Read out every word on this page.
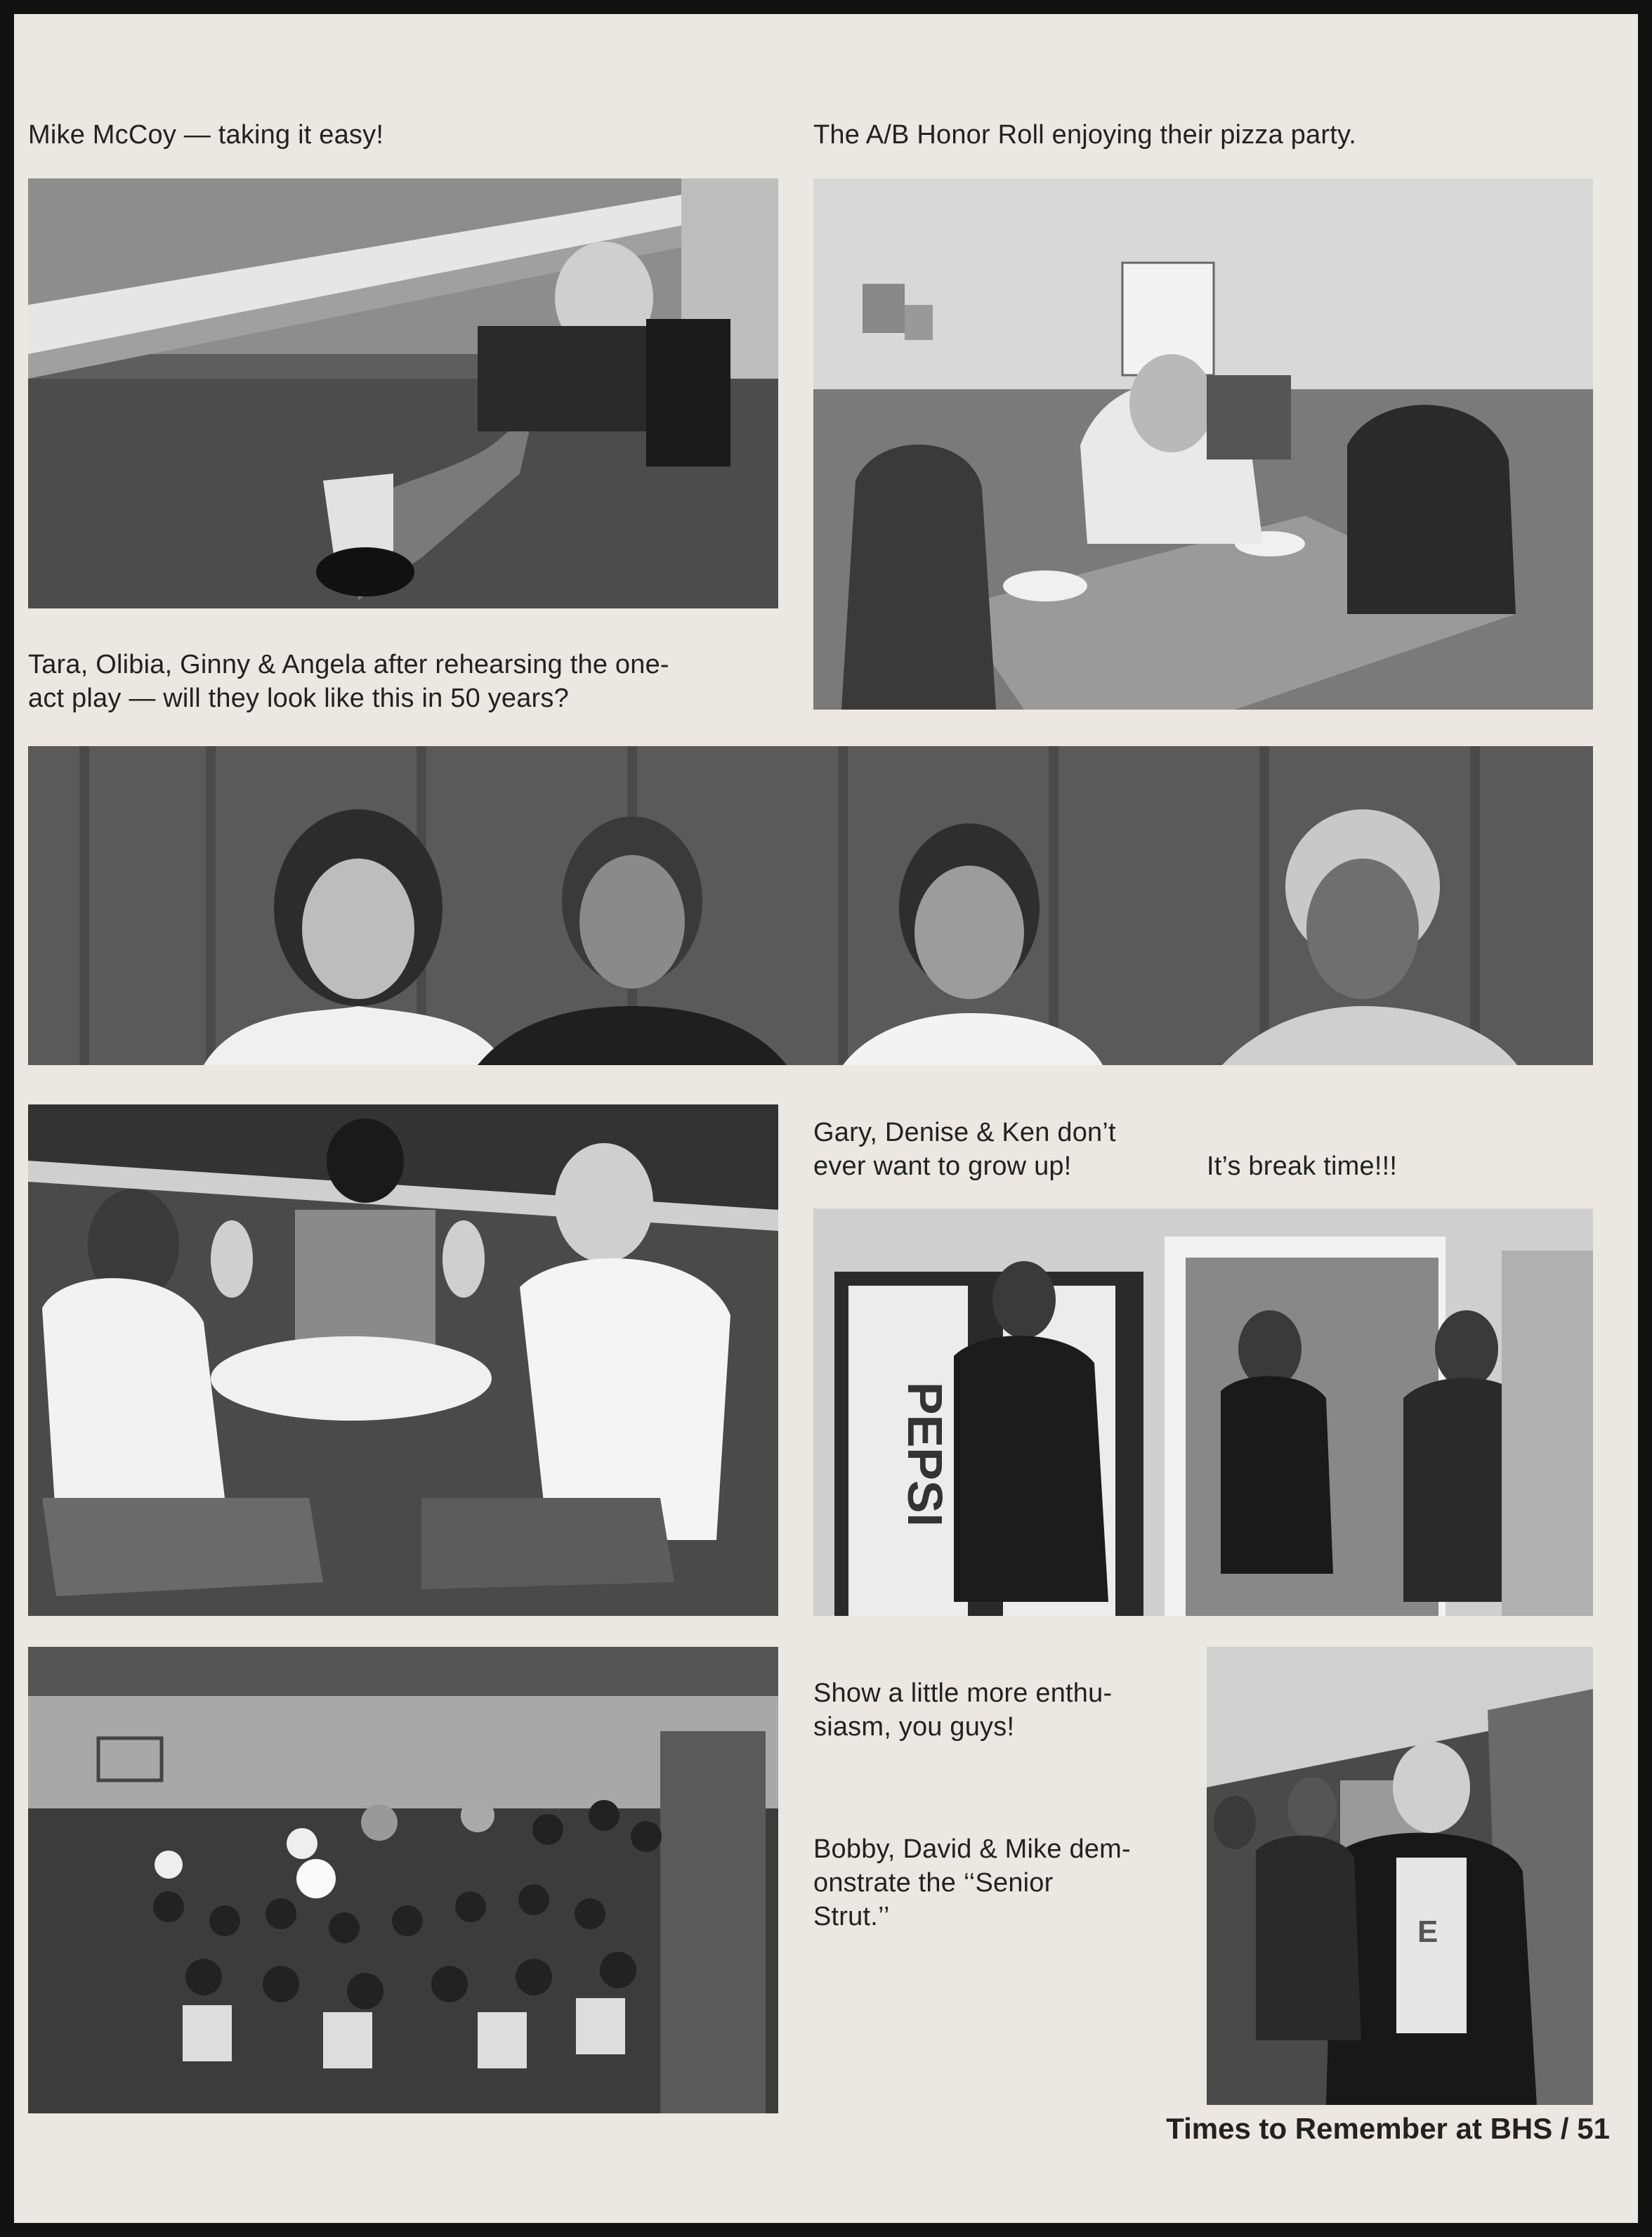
Mike McCoy — taking it easy!	The A/B Honor Roll enjoying their pizza party.
Tara, Olibia, Ginny & Angela after rehearsing the one-
act play — will they look like this in 50 years?
Gary, Denise & Ken don’t
ever want to grow up!	It’s break time!!!
Show a little more enthu-
siasm, you guys!
Bobby, David & Mike dem-
onstrate the ‘‘Senior
Strut.’’
PEPSI
E
Times to Remember at BHS / 51
